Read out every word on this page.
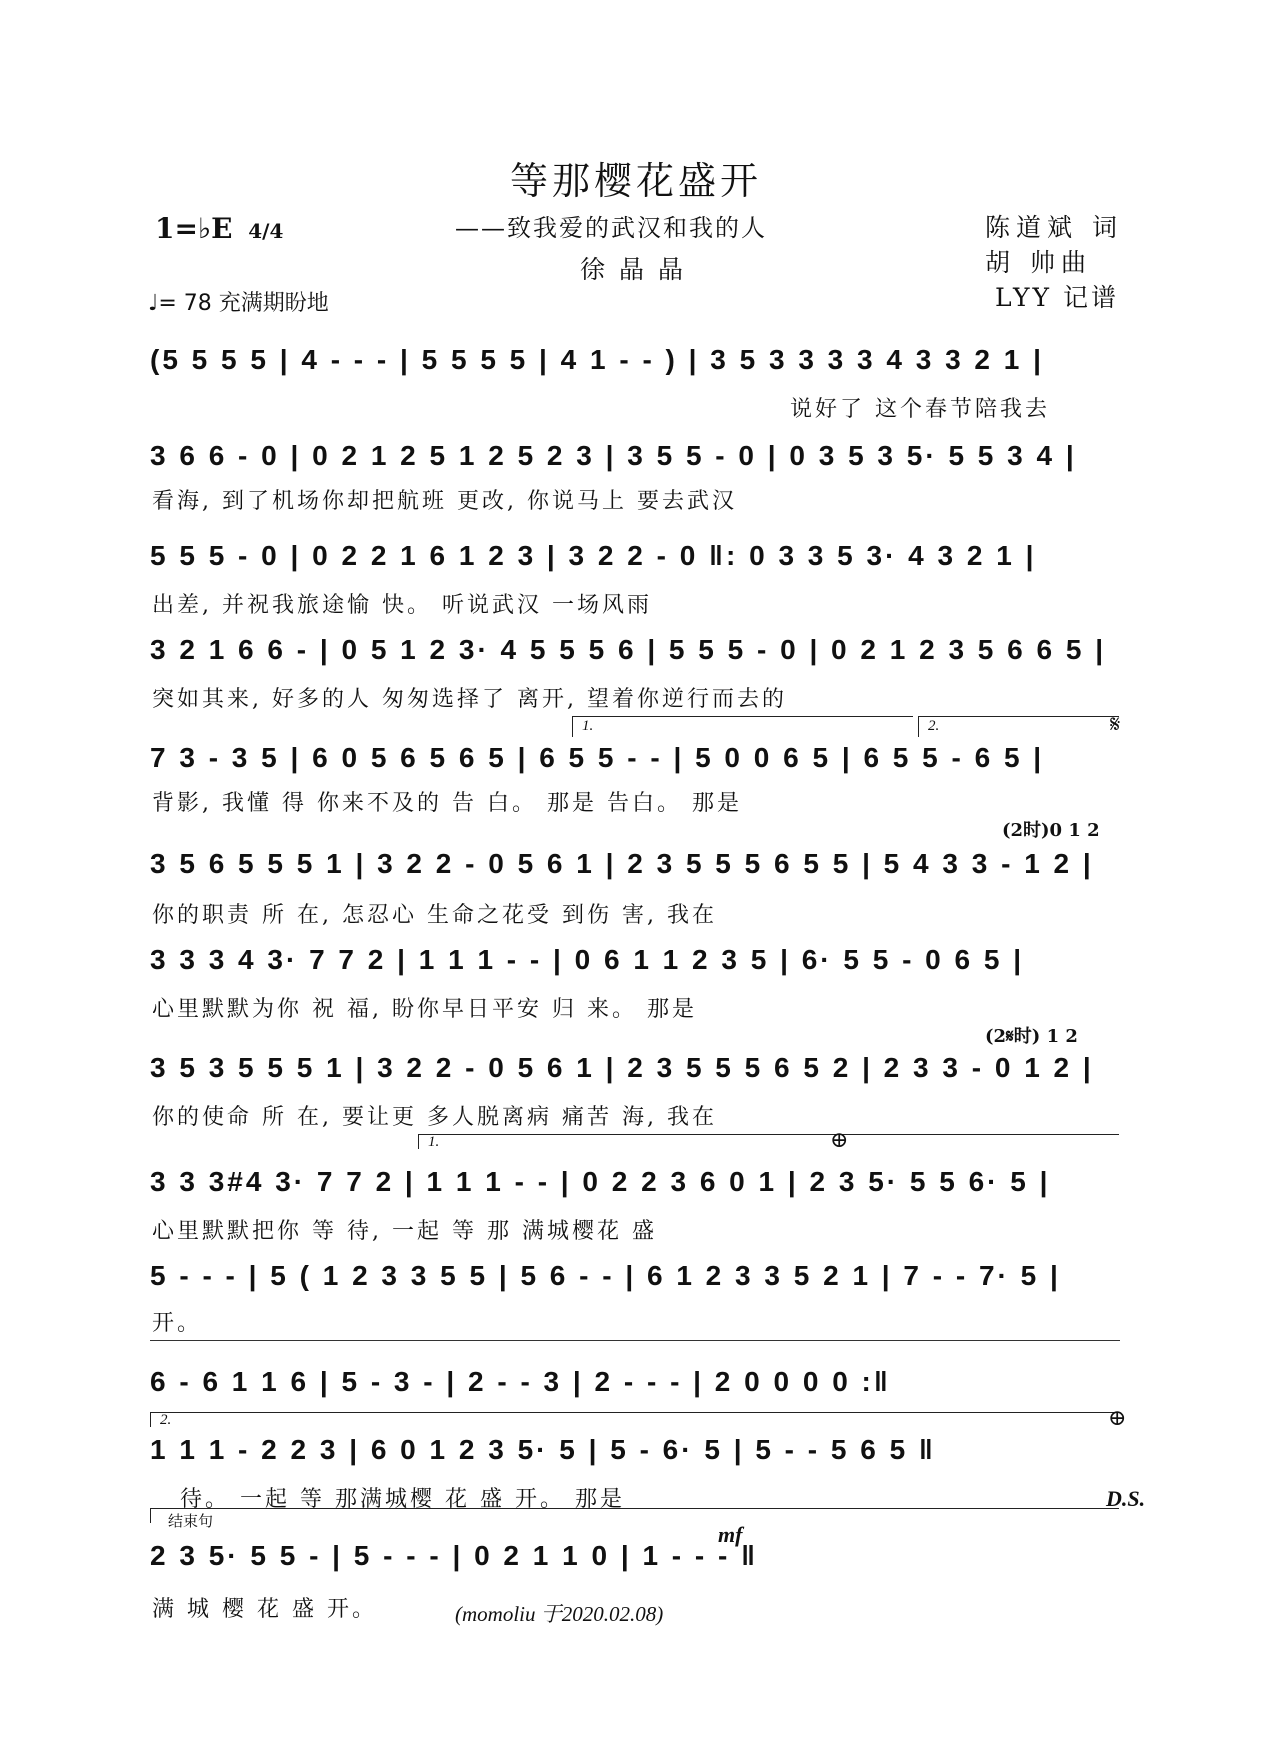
等那樱花盛开
——致我爱的武汉和我的人
徐晶晶
陈道斌 词
胡 帅曲
LYY 记谱
1=♭E 4/4
♩= 78 充满期盼地
(5 5 5 5 | 4 - - - | 5 5 5 5 | 4 1 - - ) | 3 5 3 3 3 3 4 3 3 2 1 |
说好了 这个春节陪我去
3 6 6 - 0 | 0 2 1 2 5 1 2 5 2 3 | 3 5 5 - 0 | 0 3 5 3 5· 5 5 3 4 |
看海, 到了机场你却把航班 更改, 你说马上 要去武汉
5 5 5 - 0 | 0 2 2 1 6 1 2 3 | 3 2 2 - 0 ‖: 0 3 3 5 3· 4 3 2 1 |
出差, 并祝我旅途愉 快。 听说武汉 一场风雨
3 2 1 6 6 - | 0 5 1 2 3· 4 5 5 5 6 | 5 5 5 - 0 | 0 2 1 2 3 5 6 6 5 |
突如其来, 好多的人 匆匆选择了 离开, 望着你逆行而去的
1.	2.	𝄋
7 3 - 3 5 | 6 0 5 6 5 6 5 | 6 5 5 - - | 5 0 0 6 5 | 6 5 5 - 6 5 |
背影, 我懂 得 你来不及的 告 白。 那是 告白。 那是
(2时)0 1 2
3 5 6 5 5 5 1 | 3 2 2 - 0 5 6 1 | 2 3 5 5 5 6 5 5 | 5 4 3 3 - 1 2 |
你的职责 所 在, 怎忍心 生命之花受 到伤 害, 我在
3 3 3 4 3· 7 7 2 | 1 1 1 - - | 0 6 1 1 2 3 5 | 6· 5 5 - 0 6 5 |
心里默默为你 祝 福, 盼你早日平安 归 来。 那是
(2𝄋时) 1 2
3 5 3 5 5 5 1 | 3 2 2 - 0 5 6 1 | 2 3 5 5 5 6 5 2 | 2 3 3 - 0 1 2 |
你的使命 所 在, 要让更 多人脱离病 痛苦 海, 我在
1.	⊕
3 3 3#4 3· 7 7 2 | 1 1 1 - - | 0 2 2 3 6 0 1 | 2 3 5· 5 5 6· 5 |
心里默默把你 等 待, 一起 等 那 满城樱花 盛
5 - - - | 5 ( 1 2 3 3 5 5 | 5 6 - - | 6 1 2 3 3 5 2 1 | 7 - - 7· 5 |
开。
6 - 6 1 1 6 | 5 - 3 - | 2 - - 3 | 2 - - - | 2 0 0 0 0 :‖
2.	⊕
1 1 1 - 2 2 3 | 6 0 1 2 3 5· 5 | 5 - 6· 5 | 5 - - 5 6 5 ‖
待。 一起 等 那满城樱 花 盛 开。 那是	D.S.
结束句
mf
2 3 5· 5 5 - | 5 - - - | 0 2 1 1 0 | 1 - - - ‖
满 城 樱 花 盛 开。	(momoliu 于2020.02.08)
